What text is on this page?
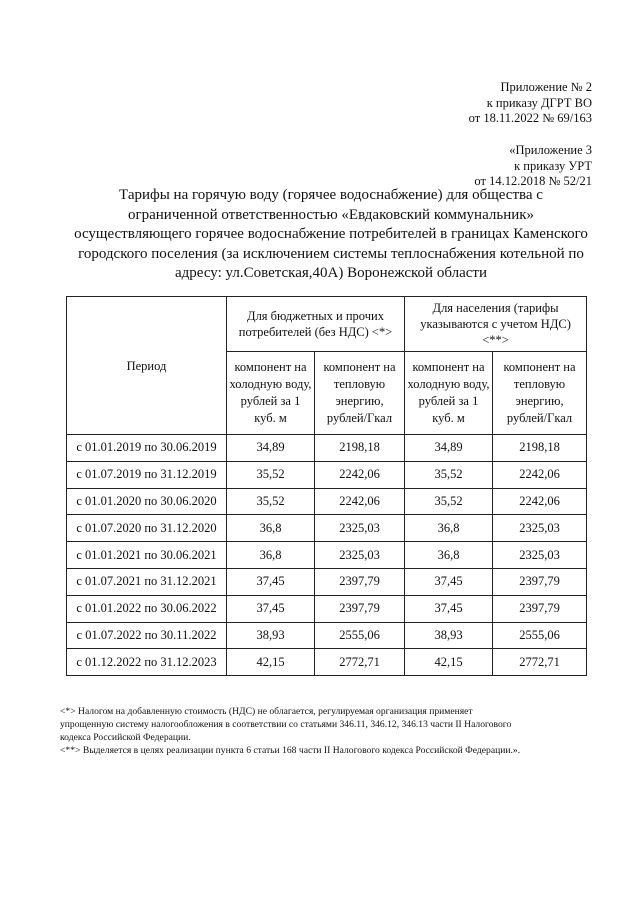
Приложение № 2
к приказу ДГРТ ВО
от 18.11.2022 № 69/163
«Приложение 3
к приказу УРТ
от 14.12.2018 № 52/21
Тарифы на горячую воду (горячее водоснабжение) для общества с
ограниченной ответственностью «Евдаковский коммунальник»
осуществляющего горячее водоснабжение потребителей в границах Каменского
городского поселения (за исключением системы теплоснабжения котельной по
адресу: ул.Советская,40А) Воронежской области
Период	Для бюджетных и прочих потребителей (без НДС) <*>		Для населения (тарифы указываются с учетом НДС) <**>	
	компонент на холодную воду, рублей за 1 куб. м	компонент на тепловую энергию, рублей/Гкал	компонент на холодную воду, рублей за 1 куб. м	компонент на тепловую энергию, рублей/Гкал
с 01.01.2019 по 30.06.2019	34,89	2198,18	34,89	2198,18
с 01.07.2019 по 31.12.2019	35,52	2242,06	35,52	2242,06
с 01.01.2020 по 30.06.2020	35,52	2242,06	35,52	2242,06
с 01.07.2020 по 31.12.2020	36,8	2325,03	36,8	2325,03
с 01.01.2021 по 30.06.2021	36,8	2325,03	36,8	2325,03
с 01.07.2021 по 31.12.2021	37,45	2397,79	37,45	2397,79
с 01.01.2022 по 30.06.2022	37,45	2397,79	37,45	2397,79
с 01.07.2022 по 30.11.2022	38,93	2555,06	38,93	2555,06
с 01.12.2022 по 31.12.2023	42,15	2772,71	42,15	2772,71
<*> Налогом на добавленную стоимость (НДС) не облагается, регулируемая организация применяет
упрощенную систему налогообложения в соответствии со статьями 346.11, 346.12, 346.13 части II Налогового
кодекса Российской Федерации.
<**> Выделяется в целях реализации пункта 6 статьи 168 части II Налогового кодекса Российской Федерации.».
